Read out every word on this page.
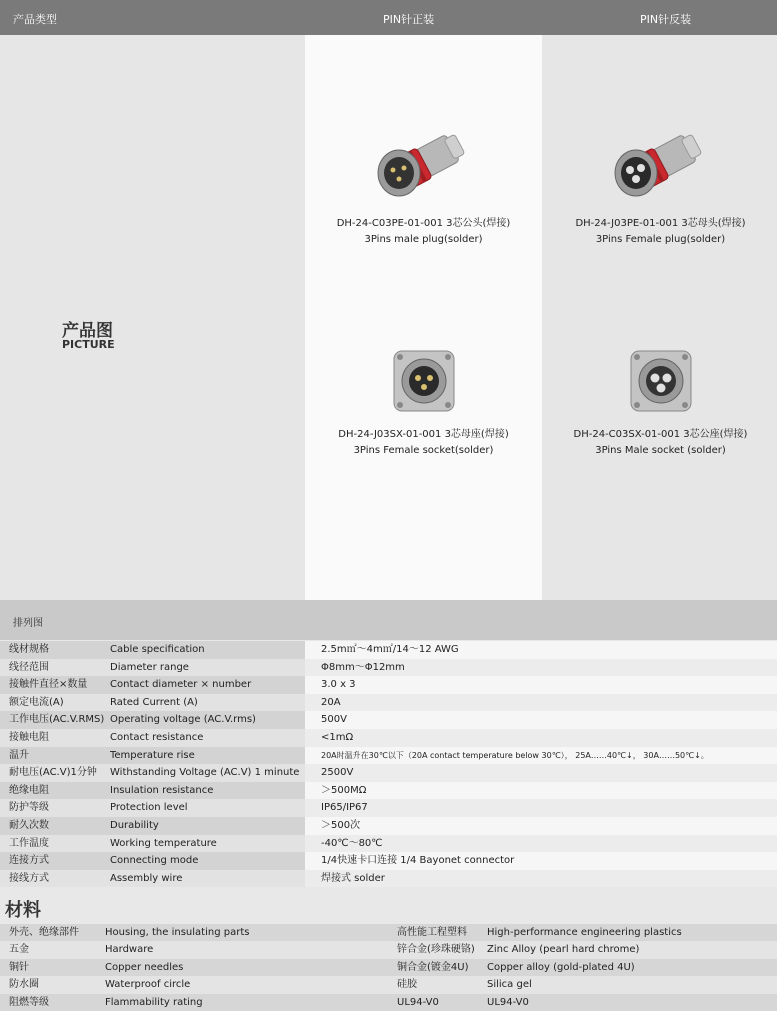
产品类型	PIN针正装	PIN针反装
产品图
PICTURE
DH-24-C03PE-01-001 3芯公头(焊接)
3Pins male plug(solder)
DH-24-J03PE-01-001 3芯母头(焊接)
3Pins Female plug(solder)
DH-24-J03SX-01-001 3芯母座(焊接)
3Pins Female socket(solder)
DH-24-C03SX-01-001 3芯公座(焊接)
3Pins Male socket (solder)
排列图
线材规格	Cable specification	2.5m㎡～4m㎡/14～12 AWG
线径范围	Diameter range	Φ8mm～Φ12mm
接触件直径×数量	Contact diameter × number	3.0 x 3
额定电流(A)	Rated Current (A)	20A
工作电压(AC.V.RMS) Operating voltage (AC.V.rms)	500V
接触电阻	Contact resistance	<1mΩ
温升	Temperature rise	20A时温升在30℃以下（20A contact temperature below 30℃）， 25A……40℃↓， 30A……50℃↓。
耐电压(AC.V)1分钟	Withstanding Voltage (AC.V) 1 minute	2500V
绝缘电阻	Insulation resistance	＞500MΩ
防护等级	Protection level	IP65/IP67
耐久次数	Durability	＞500次
工作温度	Working temperature	-40℃～80℃
连接方式	Connecting mode	1/4快速卡口连接 1/4 Bayonet connector
接线方式	Assembly wire	焊接式 solder
材料
外壳、绝缘部件	Housing, the insulating parts	高性能工程塑料 High-performance engineering plastics
五金	Hardware	锌合金(珍珠硬铬) Zinc Alloy (pearl hard chrome)
铜针	Copper needles	铜合金(镀金4U) Copper alloy (gold-plated 4U)
防水圈	Waterproof circle	硅胶	Silica gel
阻燃等级	Flammability rating	UL94-V0	UL94-V0
